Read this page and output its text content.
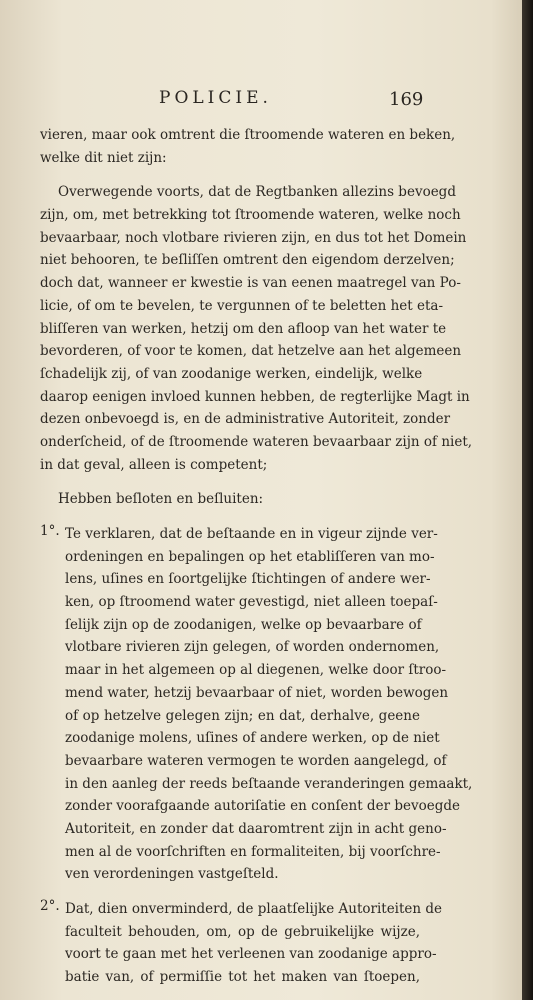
POLICIE.	169
vieren, maar ook omtrent die ſtroomende wateren en beken,
welke dit niet zijn:
Overwegende voorts, dat de Regtbanken allezins bevoegd
zijn, om, met betrekking tot ſtroomende wateren, welke noch
bevaarbaar, noch vlotbare rivieren zijn, en dus tot het Domein
niet behooren, te beſliſſen omtrent den eigendom derzelven;
doch dat, wanneer er kwestie is van eenen maatregel van Po-
licie, of om te bevelen, te vergunnen of te beletten het eta-
bliſſeren van werken, hetzij om den afloop van het water te
bevorderen, of voor te komen, dat hetzelve aan het algemeen
ſchadelijk zij, of van zoodanige werken, eindelijk, welke
daarop eenigen invloed kunnen hebben, de regterlijke Magt in
dezen onbevoegd is, en de administrative Autoriteit, zonder
onderſcheid, of de ſtroomende wateren bevaarbaar zijn of niet,
in dat geval, alleen is competent;
Hebben beſloten en beſluiten:
1°. Te verklaren, dat de beſtaande en in vigeur zijnde ver-
ordeningen en bepalingen op het etabliſſeren van mo-
lens, uſines en ſoortgelijke ſtichtingen of andere wer-
ken, op ſtroomend water gevestigd, niet alleen toepaſ-
ſelijk zijn op de zoodanigen, welke op bevaarbare of
vlotbare rivieren zijn gelegen, of worden ondernomen,
maar in het algemeen op al diegenen, welke door ſtroo-
mend water, hetzij bevaarbaar of niet, worden bewogen
of op hetzelve gelegen zijn; en dat, derhalve, geene
zoodanige molens, uſines of andere werken, op de niet
bevaarbare wateren vermogen te worden aangelegd, of
in den aanleg der reeds beſtaande veranderingen gemaakt,
zonder voorafgaande autoriſatie en conſent der bevoegde
Autoriteit, en zonder dat daaromtrent zijn in acht geno-
men al de voorſchriften en formaliteiten, bij voorſchre-
ven verordeningen vastgeſteld.
2°. Dat, dien onverminderd, de plaatſelijke Autoriteiten de
faculteit behouden, om, op de gebruikelijke wijze,
voort te gaan met het verleenen van zoodanige appro-
batie van, of permiſſie tot het maken van ſtoepen,
